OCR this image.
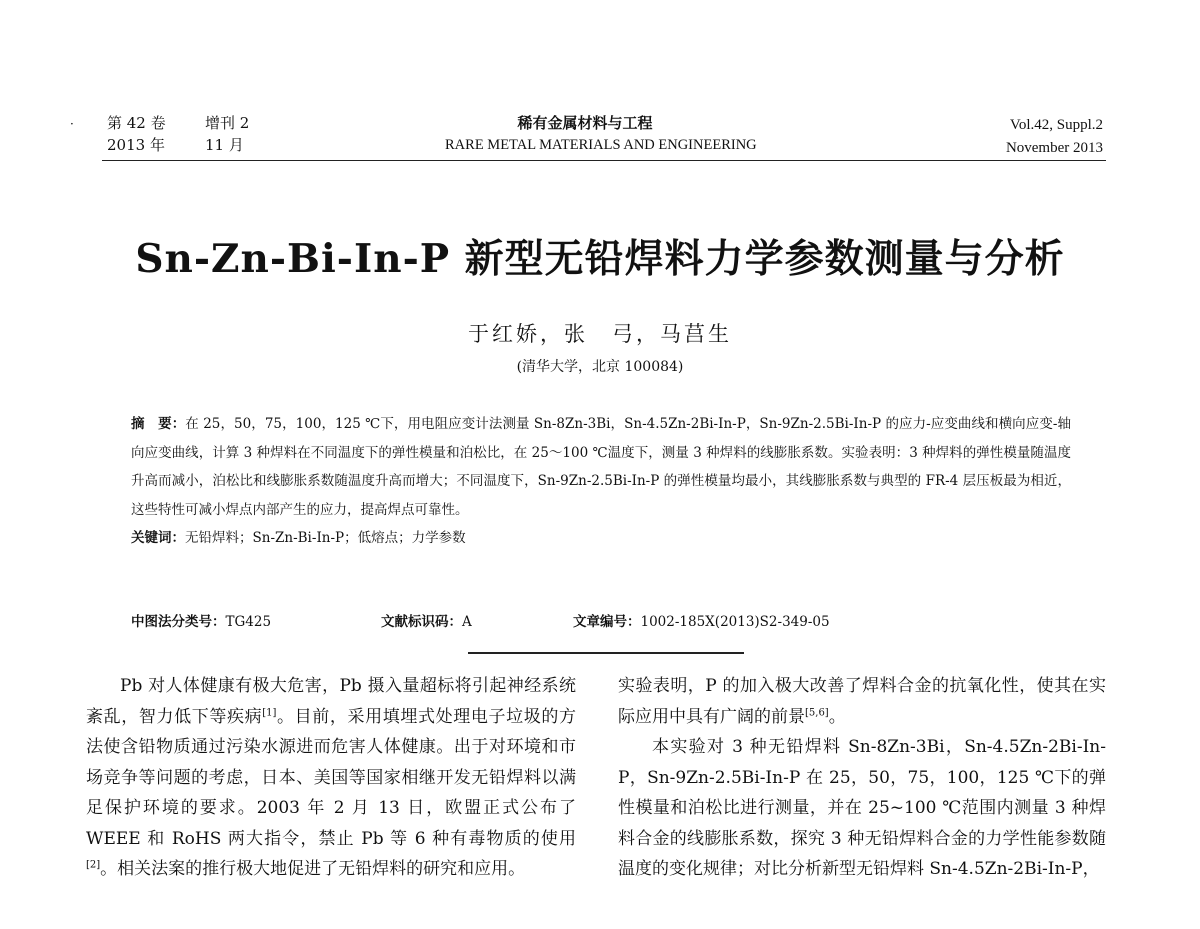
· 第 42 卷	增刊 2
2013 年	11 月
稀有金属材料与工程
RARE METAL MATERIALS AND ENGINEERING
Vol.42, Suppl.2
November 2013
Sn-Zn-Bi-In-P 新型无铅焊料力学参数测量与分析
于红娇，张　弓，马莒生
(清华大学，北京 100084)

摘　要：在 25，50，75，100，125 ℃下，用电阻应变计法测量 Sn-8Zn-3Bi，Sn-4.5Zn-2Bi-In-P，Sn-9Zn-2.5Bi-In-P 的应力-应变曲线和横向应变-轴向应变曲线，计算 3 种焊料在不同温度下的弹性模量和泊松比，在 25～100 ℃温度下，测量 3 种焊料的线膨胀系数。实验表明：3 种焊料的弹性模量随温度升高而减小，泊松比和线膨胀系数随温度升高而增大；不同温度下，Sn-9Zn-2.5Bi-In-P 的弹性模量均最小，其线膨胀系数与典型的 FR-4 层压板最为相近，这些特性可减小焊点内部产生的应力，提高焊点可靠性。

关键词：无铅焊料；Sn-Zn-Bi-In-P；低熔点；力学参数

中图法分类号：TG425	文献标识码：A	文章编号：1002-185X(2013)S2-349-05

Pb 对人体健康有极大危害，Pb 摄入量超标将引起神经系统紊乱，智力低下等疾病[1]。目前，采用填埋式处理电子垃圾的方法使含铅物质通过污染水源进而危害人体健康。出于对环境和市场竞争等问题的考虑，日本、美国等国家相继开发无铅焊料以满足保护环境的要求。2003 年 2 月 13 日，欧盟正式公布了 WEEE 和 RoHS 两大指令，禁止 Pb 等 6 种有毒物质的使用[2]。相关法案的推行极大地促进了无铅焊料的研究和应用。

实验表明，P 的加入极大改善了焊料合金的抗氧化性，使其在实际应用中具有广阔的前景[5,6]。

本实验对 3 种无铅焊料 Sn-8Zn-3Bi，Sn-4.5Zn-2Bi-In-P，Sn-9Zn-2.5Bi-In-P 在 25，50，75，100，125 ℃下的弹性模量和泊松比进行测量，并在 25~100 ℃范围内测量 3 种焊料合金的线膨胀系数，探究 3 种无铅焊料合金的力学性能参数随温度的变化规律；对比分析新型无铅焊料 Sn-4.5Zn-2Bi-In-P，
